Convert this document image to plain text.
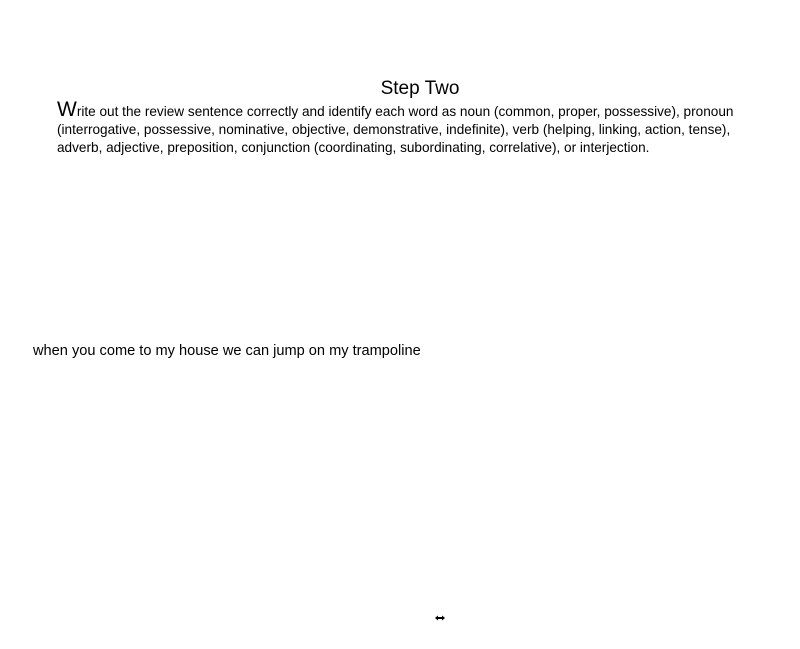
Step Two
Write out the review sentence correctly and identify each word as noun (common, proper, possessive), pronoun (interrogative, possessive, nominative, objective, demonstrative, indefinite), verb (helping, linking, action, tense), adverb, adjective, preposition, conjunction (coordinating, subordinating, correlative), or interjection.
when you come to my house we can jump on my trampoline
